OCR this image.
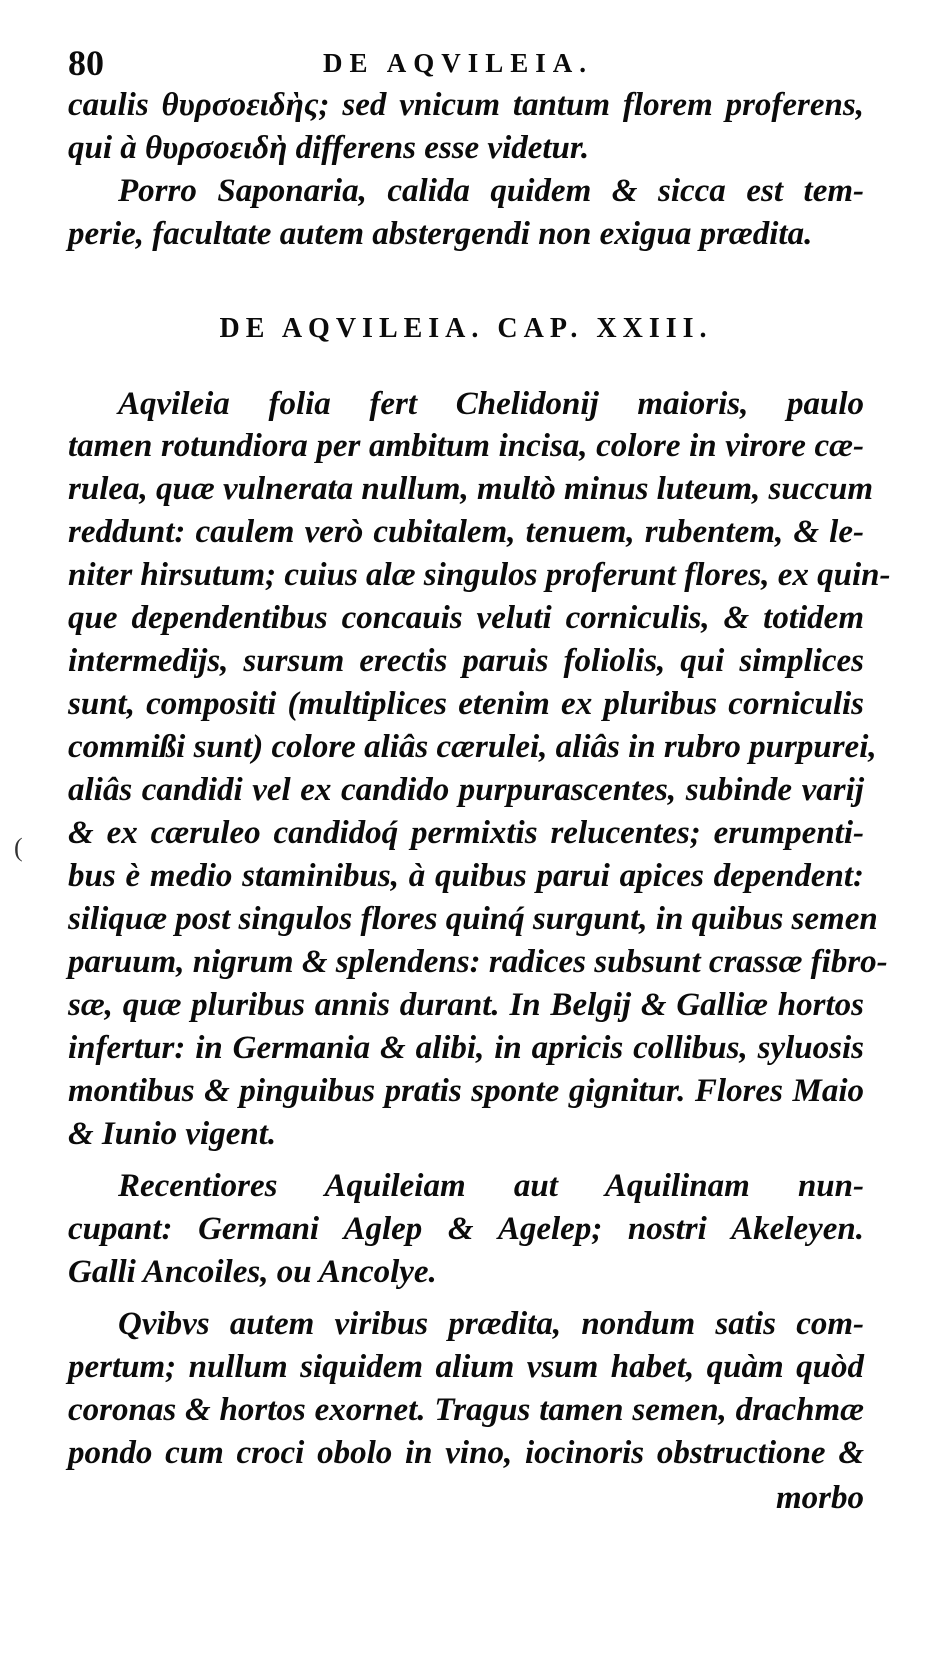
80	DE AQVILEIA.
caulis θυρσοειδὴς; sed vnicum tantum florem proferens,
qui à θυρσοειδὴ differens esse videtur.
Porro Saponaria, calida quidem & sicca est tem-
perie, facultate autem abstergendi non exigua prædita.
DE AQVILEIA. CAP. XXIII.
Aqvileia folia fert Chelidonij maioris, paulo
tamen rotundiora per ambitum incisa, colore in virore cæ-
rulea, quæ vulnerata nullum, multò minus luteum, succum
reddunt: caulem verò cubitalem, tenuem, rubentem, & le-
niter hirsutum; cuius alæ singulos proferunt flores, ex quin-
que dependentibus concauis veluti corniculis, & totidem
intermedijs, sursum erectis paruis foliolis, qui simplices
sunt, compositi (multiplices etenim ex pluribus corniculis
commißi sunt) colore aliâs cærulei, aliâs in rubro purpurei,
aliâs candidi vel ex candido purpurascentes, subinde varij
& ex cæruleo candidoq́ permixtis relucentes; erumpenti-
bus è medio staminibus, à quibus parui apices dependent:
siliquæ post singulos flores quinq́ surgunt, in quibus semen
paruum, nigrum & splendens: radices subsunt crassæ fibro-
sæ, quæ pluribus annis durant. In Belgij & Galliæ hortos
infertur: in Germania & alibi, in apricis collibus, syluosis
montibus & pinguibus pratis sponte gignitur. Flores Maio
& Iunio vigent.
Recentiores Aquileiam aut Aquilinam nun-
cupant: Germani Aglep & Agelep; nostri Akeleyen.
Galli Ancoiles, ou Ancolye.
Qvibvs autem viribus prædita, nondum satis com-
pertum; nullum siquidem alium vsum habet, quàm quòd
coronas & hortos exornet. Tragus tamen semen, drachmæ
pondo cum croci obolo in vino, iocinoris obstructione &
morbo
(
